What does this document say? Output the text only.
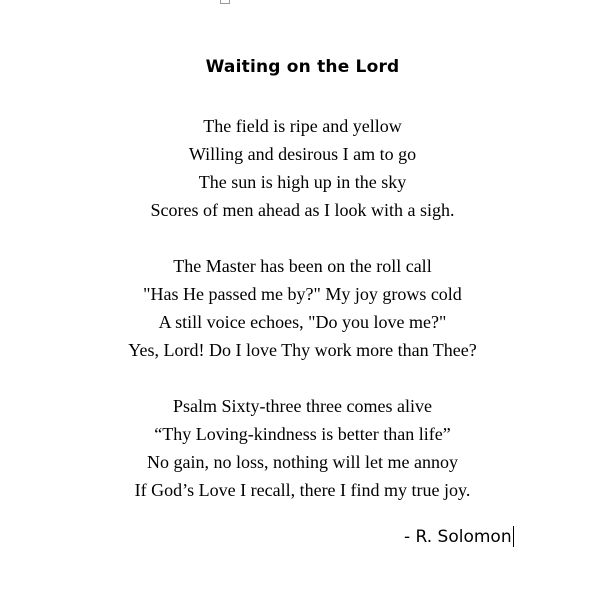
Waiting on the Lord
The field is ripe and yellow
Willing and desirous I am to go
The sun is high up in the sky
Scores of men ahead as I look with a sigh.
The Master has been on the roll call
"Has He passed me by?" My joy grows cold
A still voice echoes, "Do you love me?"
Yes, Lord! Do I love Thy work more than Thee?
Psalm Sixty-three three comes alive
“Thy Loving-kindness is better than life”
No gain, no loss, nothing will let me annoy
If God’s Love I recall, there I find my true joy.
- R. Solomon
